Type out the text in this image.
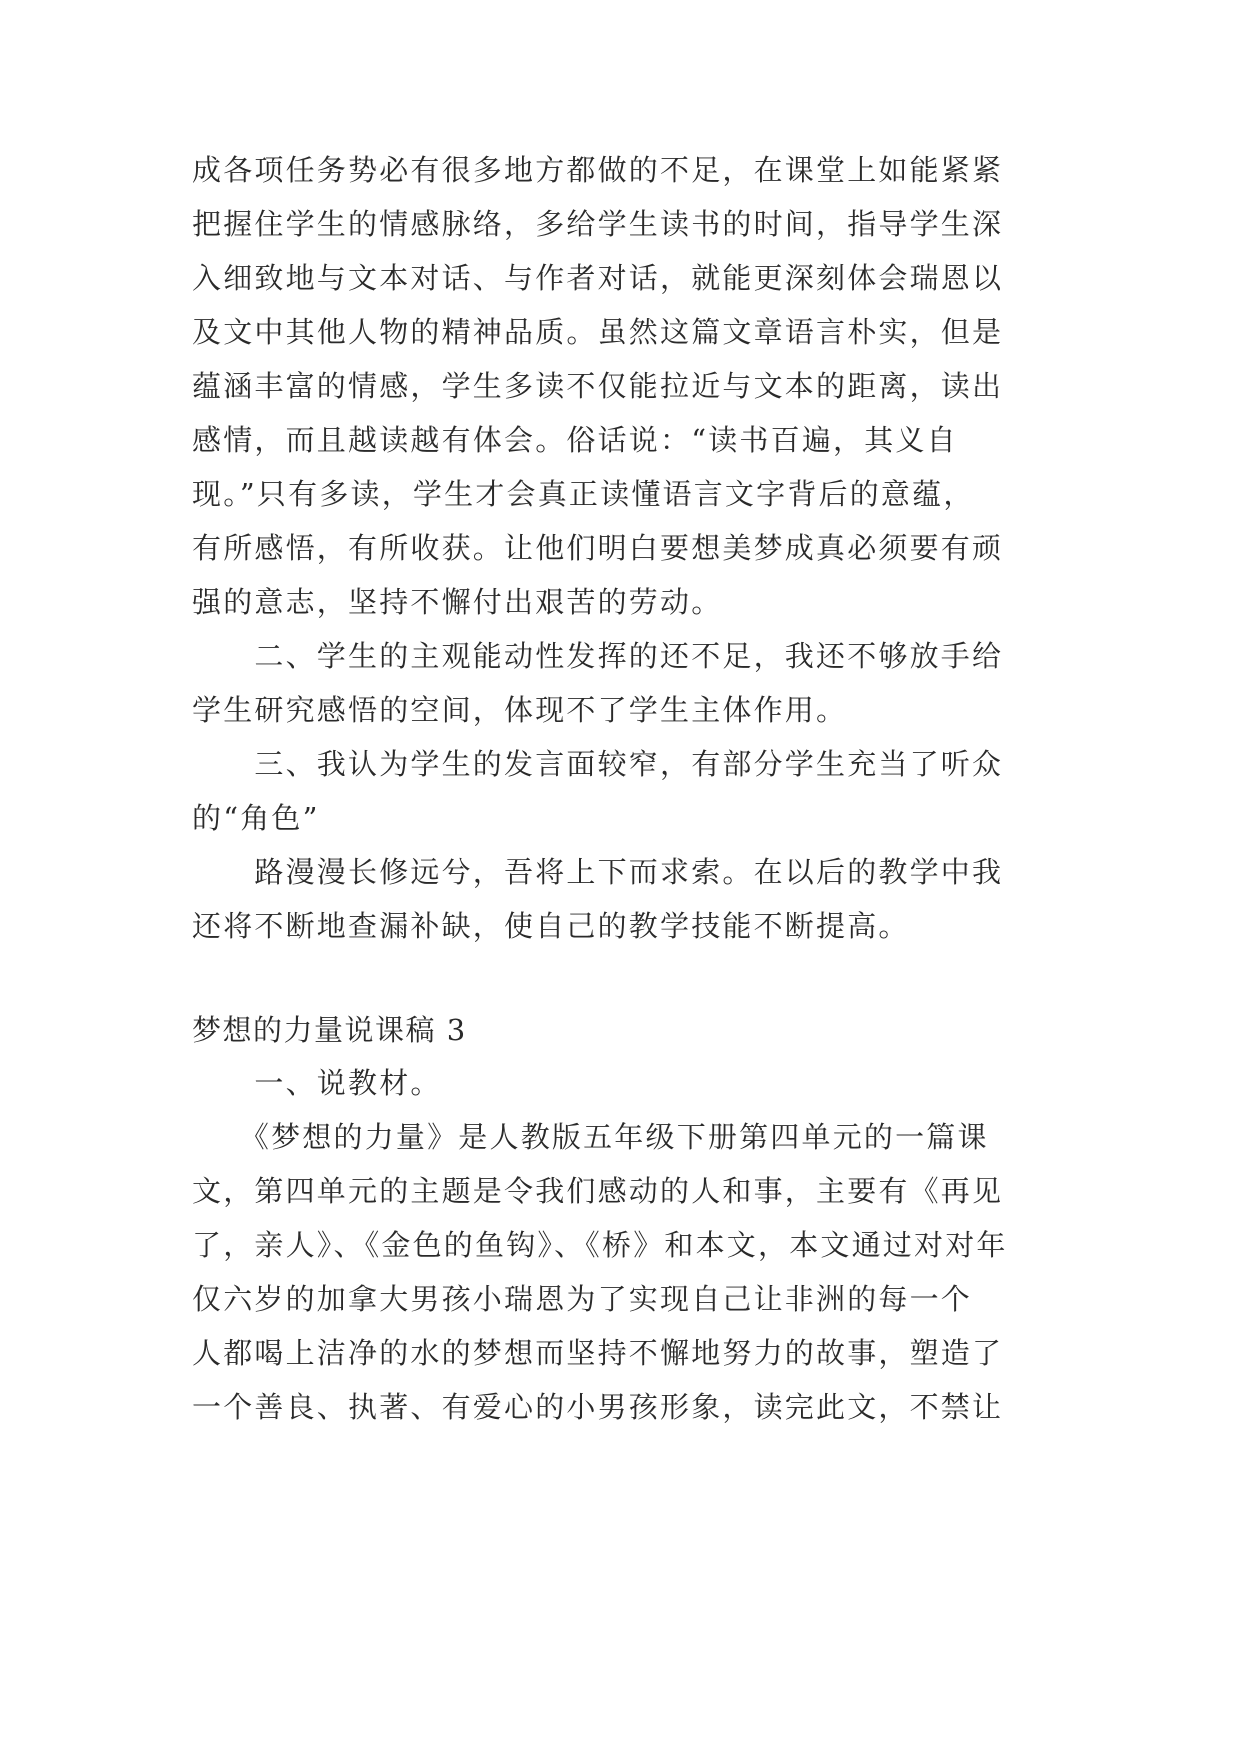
成各项任务势必有很多地方都做的不足，在课堂上如能紧紧
把握住学生的情感脉络，多给学生读书的时间，指导学生深
入细致地与文本对话、与作者对话，就能更深刻体会瑞恩以
及文中其他人物的精神品质。虽然这篇文章语言朴实，但是
蕴涵丰富的情感，学生多读不仅能拉近与文本的距离，读出
感情，而且越读越有体会。俗话说：“读书百遍，其义自
现。”只有多读，学生才会真正读懂语言文字背后的意蕴，
有所感悟，有所收获。让他们明白要想美梦成真必须要有顽
强的意志，坚持不懈付出艰苦的劳动。
　　二、学生的主观能动性发挥的还不足，我还不够放手给
学生研究感悟的空间，体现不了学生主体作用。
　　三、我认为学生的发言面较窄，有部分学生充当了听众
的“角色”
　　路漫漫长修远兮，吾将上下而求索。在以后的教学中我
还将不断地查漏补缺，使自己的教学技能不断提高。
梦想的力量说课稿 3
　　一、说教材。
　　《梦想的力量》是人教版五年级下册第四单元的一篇课
文，第四单元的主题是令我们感动的人和事，主要有《再见
了，亲人》、《金色的鱼钩》、《桥》和本文，本文通过对对年
仅六岁的加拿大男孩小瑞恩为了实现自己让非洲的每一个
人都喝上洁净的水的梦想而坚持不懈地努力的故事，塑造了
一个善良、执著、有爱心的小男孩形象，读完此文，不禁让
